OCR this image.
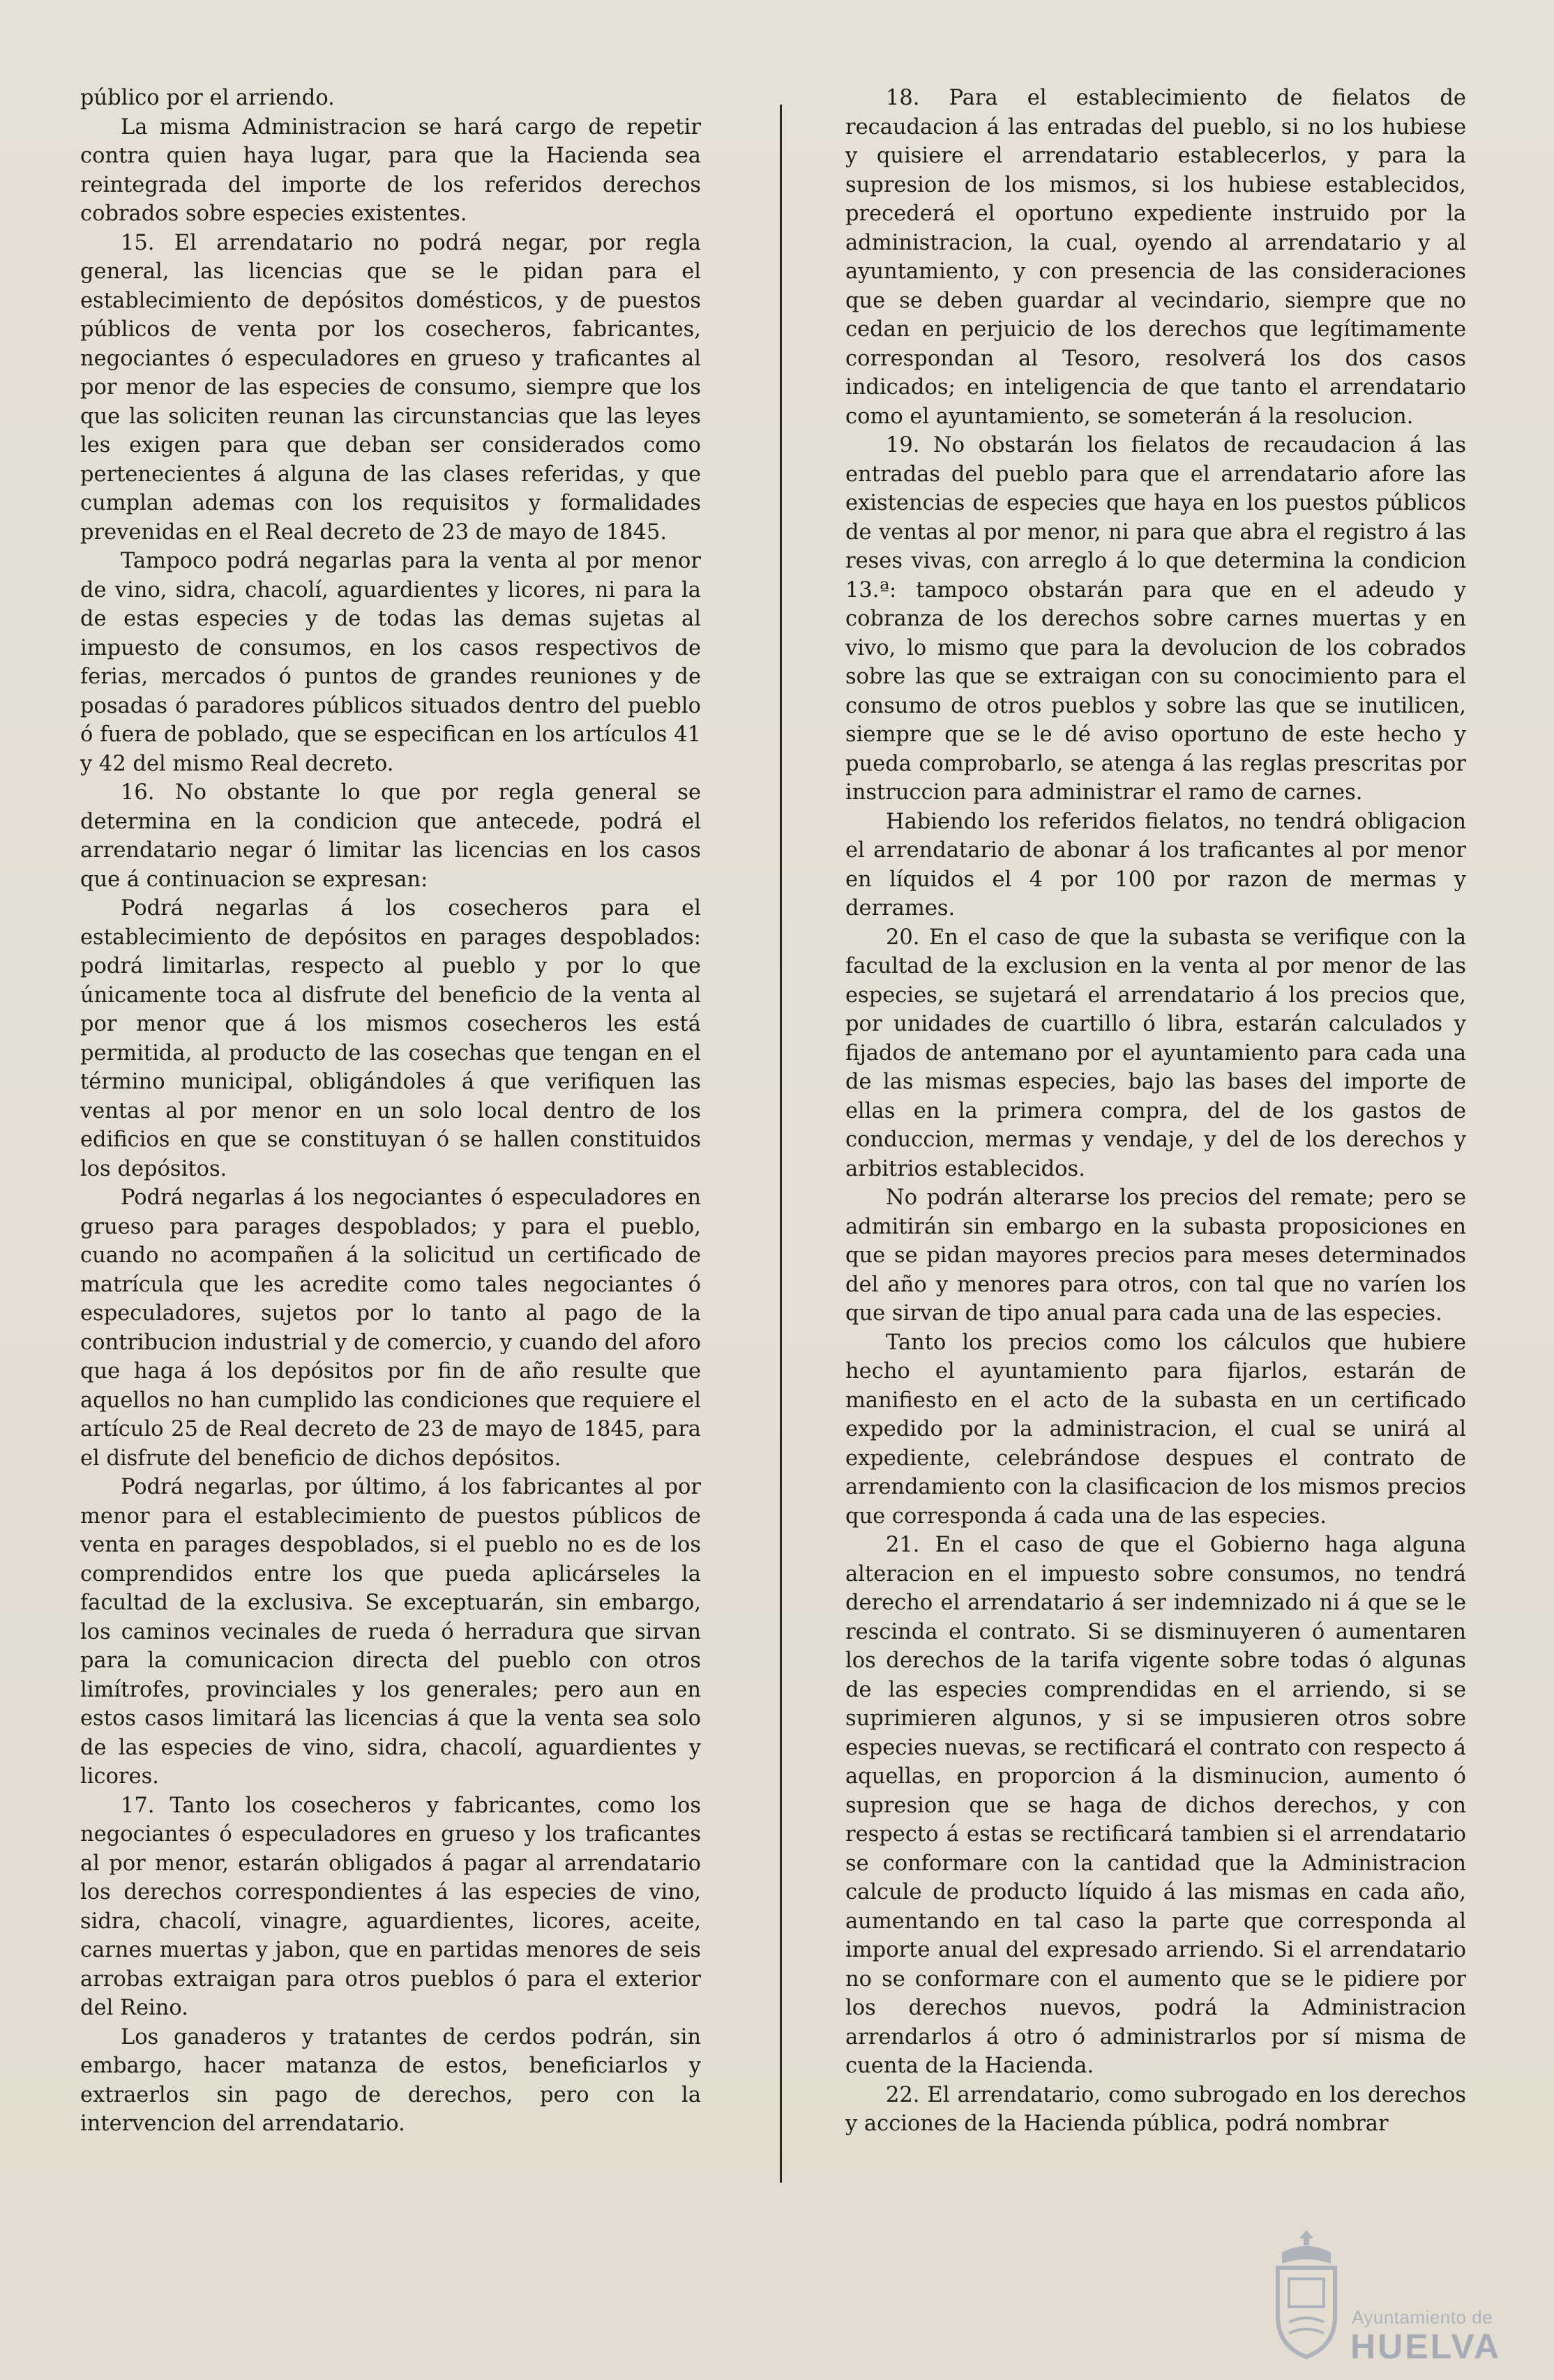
público por el arriendo.

La misma Administracion se hará cargo de repetir contra quien haya lugar, para que la Hacienda sea reintegrada del importe de los referidos derechos cobrados sobre especies existentes.

15. El arrendatario no podrá negar, por regla general, las licencias que se le pidan para el establecimiento de depósitos domésticos, y de puestos públicos de venta por los cosecheros, fabricantes, negociantes ó especuladores en grueso y traficantes al por menor de las especies de consumo, siempre que los que las soliciten reunan las circunstancias que las leyes les exigen para que deban ser considerados como pertenecientes á alguna de las clases referidas, y que cumplan ademas con los requisitos y formalidades prevenidas en el Real decreto de 23 de mayo de 1845.

Tampoco podrá negarlas para la venta al por menor de vino, sidra, chacolí, aguardientes y licores, ni para la de estas especies y de todas las demas sujetas al impuesto de consumos, en los casos respectivos de ferias, mercados ó puntos de grandes reuniones y de posadas ó paradores públicos situados dentro del pueblo ó fuera de poblado, que se especifican en los artículos 41 y 42 del mismo Real decreto.

16. No obstante lo que por regla general se determina en la condicion que antecede, podrá el arrendatario negar ó limitar las licencias en los casos que á continuacion se expresan:

Podrá negarlas á los cosecheros para el establecimiento de depósitos en parages despoblados: podrá limitarlas, respecto al pueblo y por lo que únicamente toca al disfrute del beneficio de la venta al por menor que á los mismos cosecheros les está permitida, al producto de las cosechas que tengan en el término municipal, obligándoles á que verifiquen las ventas al por menor en un solo local dentro de los edificios en que se constituyan ó se hallen constituidos los depósitos.

Podrá negarlas á los negociantes ó especuladores en grueso para parages despoblados; y para el pueblo, cuando no acompañen á la solicitud un certificado de matrícula que les acredite como tales negociantes ó especuladores, sujetos por lo tanto al pago de la contribucion industrial y de comercio, y cuando del aforo que haga á los depósitos por fin de año resulte que aquellos no han cumplido las condiciones que requiere el artículo 25 de Real decreto de 23 de mayo de 1845, para el disfrute del beneficio de dichos depósitos.

Podrá negarlas, por último, á los fabricantes al por menor para el establecimiento de puestos públicos de venta en parages despoblados, si el pueblo no es de los comprendidos entre los que pueda aplicárseles la facultad de la exclusiva. Se exceptuarán, sin embargo, los caminos vecinales de rueda ó herradura que sirvan para la comunicacion directa del pueblo con otros limítrofes, provinciales y los generales; pero aun en estos casos limitará las licencias á que la venta sea solo de las especies de vino, sidra, chacolí, aguardientes y licores.

17. Tanto los cosecheros y fabricantes, como los negociantes ó especuladores en grueso y los traficantes al por menor, estarán obligados á pagar al arrendatario los derechos correspondientes á las especies de vino, sidra, chacolí, vinagre, aguardientes, licores, aceite, carnes muertas y jabon, que en partidas menores de seis arrobas extraigan para otros pueblos ó para el exterior del Reino.

Los ganaderos y tratantes de cerdos podrán, sin embargo, hacer matanza de estos, beneficiarlos y extraerlos sin pago de derechos, pero con la intervencion del arrendatario.

18. Para el establecimiento de fielatos de recaudacion á las entradas del pueblo, si no los hubiese y quisiere el arrendatario establecerlos, y para la supresion de los mismos, si los hubiese establecidos, precederá el oportuno expediente instruido por la administracion, la cual, oyendo al arrendatario y al ayuntamiento, y con presencia de las consideraciones que se deben guardar al vecindario, siempre que no cedan en perjuicio de los derechos que legítimamente correspondan al Tesoro, resolverá los dos casos indicados; en inteligencia de que tanto el arrendatario como el ayuntamiento, se someterán á la resolucion.

19. No obstarán los fielatos de recaudacion á las entradas del pueblo para que el arrendatario afore las existencias de especies que haya en los puestos públicos de ventas al por menor, ni para que abra el registro á las reses vivas, con arreglo á lo que determina la condicion 13.ª: tampoco obstarán para que en el adeudo y cobranza de los derechos sobre carnes muertas y en vivo, lo mismo que para la devolucion de los cobrados sobre las que se extraigan con su conocimiento para el consumo de otros pueblos y sobre las que se inutilicen, siempre que se le dé aviso oportuno de este hecho y pueda comprobarlo, se atenga á las reglas prescritas por instruccion para administrar el ramo de carnes.

Habiendo los referidos fielatos, no tendrá obligacion el arrendatario de abonar á los traficantes al por menor en líquidos el 4 por 100 por razon de mermas y derrames.

20. En el caso de que la subasta se verifique con la facultad de la exclusion en la venta al por menor de las especies, se sujetará el arrendatario á los precios que, por unidades de cuartillo ó libra, estarán calculados y fijados de antemano por el ayuntamiento para cada una de las mismas especies, bajo las bases del importe de ellas en la primera compra, del de los gastos de conduccion, mermas y vendaje, y del de los derechos y arbitrios establecidos.

No podrán alterarse los precios del remate; pero se admitirán sin embargo en la subasta proposiciones en que se pidan mayores precios para meses determinados del año y menores para otros, con tal que no varíen los que sirvan de tipo anual para cada una de las especies.

Tanto los precios como los cálculos que hubiere hecho el ayuntamiento para fijarlos, estarán de manifiesto en el acto de la subasta en un certificado expedido por la administracion, el cual se unirá al expediente, celebrándose despues el contrato de arrendamiento con la clasificacion de los mismos precios que corresponda á cada una de las especies.

21. En el caso de que el Gobierno haga alguna alteracion en el impuesto sobre consumos, no tendrá derecho el arrendatario á ser indemnizado ni á que se le rescinda el contrato. Si se disminuyeren ó aumentaren los derechos de la tarifa vigente sobre todas ó algunas de las especies comprendidas en el arriendo, si se suprimieren algunos, y si se impusieren otros sobre especies nuevas, se rectificará el contrato con respecto á aquellas, en proporcion á la disminucion, aumento ó supresion que se haga de dichos derechos, y con respecto á estas se rectificará tambien si el arrendatario se conformare con la cantidad que la Administracion calcule de producto líquido á las mismas en cada año, aumentando en tal caso la parte que corresponda al importe anual del expresado arriendo. Si el arrendatario no se conformare con el aumento que se le pidiere por los derechos nuevos, podrá la Administracion arrendarlos á otro ó administrarlos por sí misma de cuenta de la Hacienda.

22. El arrendatario, como subrogado en los derechos y acciones de la Hacienda pública, podrá nombrar

Ayuntamiento de
HUELVA
